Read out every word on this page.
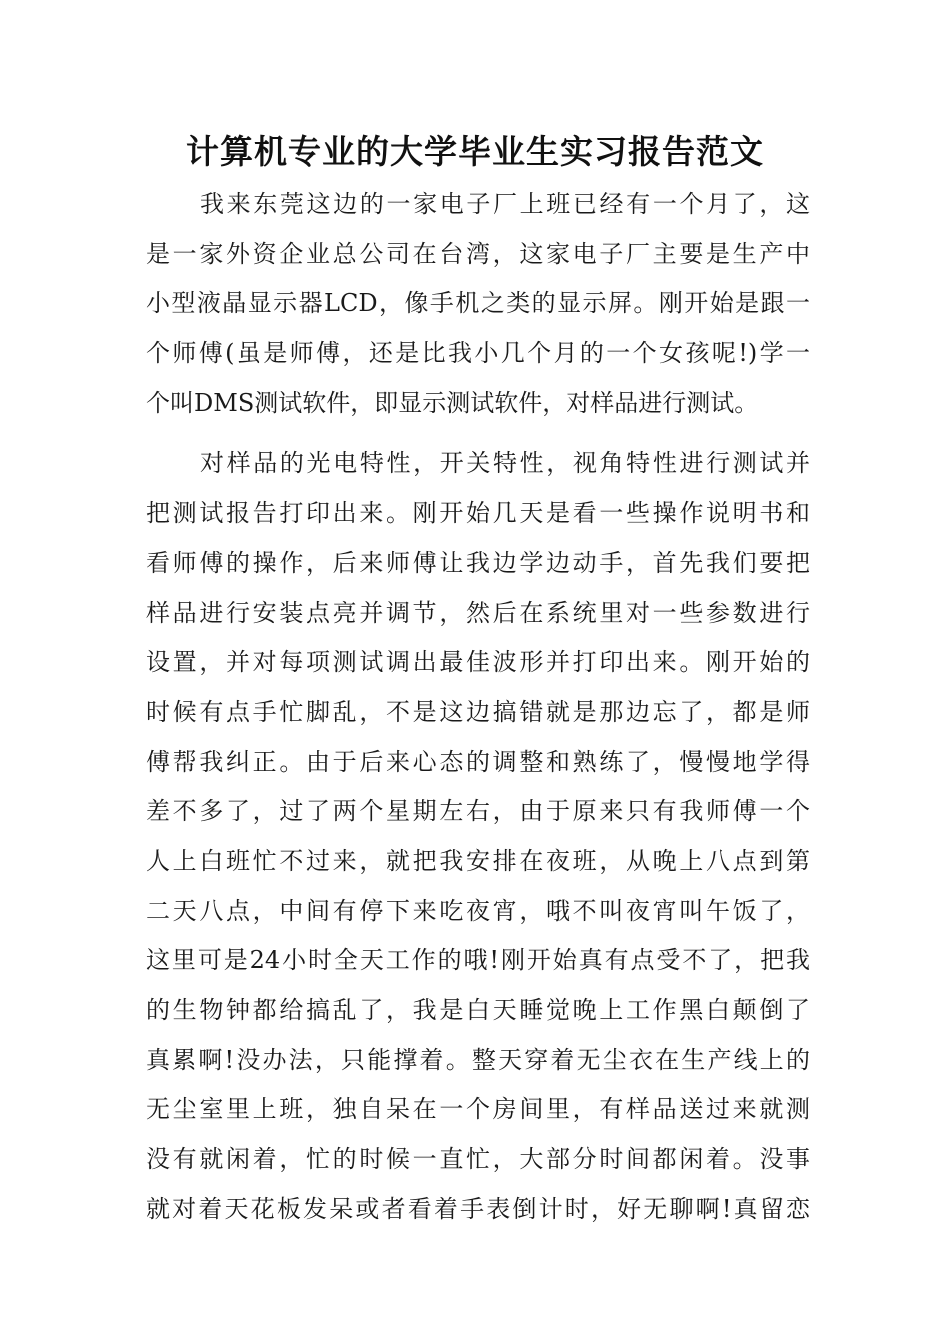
计算机专业的大学毕业生实习报告范文
我来东莞这边的一家电子厂上班已经有一个月了，这
是一家外资企业总公司在台湾，这家电子厂主要是生产中
小型液晶显示器LCD，像手机之类的显示屏。刚开始是跟一
个师傅(虽是师傅，还是比我小几个月的一个女孩呢!)学一
个叫DMS测试软件，即显示测试软件，对样品进行测试。
对样品的光电特性，开关特性，视角特性进行测试并
把测试报告打印出来。刚开始几天是看一些操作说明书和
看师傅的操作，后来师傅让我边学边动手，首先我们要把
样品进行安装点亮并调节，然后在系统里对一些参数进行
设置，并对每项测试调出最佳波形并打印出来。刚开始的
时候有点手忙脚乱，不是这边搞错就是那边忘了，都是师
傅帮我纠正。由于后来心态的调整和熟练了，慢慢地学得
差不多了，过了两个星期左右，由于原来只有我师傅一个
人上白班忙不过来，就把我安排在夜班，从晚上八点到第
二天八点，中间有停下来吃夜宵，哦不叫夜宵叫午饭了，
这里可是24小时全天工作的哦!刚开始真有点受不了，把我
的生物钟都给搞乱了，我是白天睡觉晚上工作黑白颠倒了
真累啊!没办法，只能撑着。整天穿着无尘衣在生产线上的
无尘室里上班，独自呆在一个房间里，有样品送过来就测
没有就闲着，忙的时候一直忙，大部分时间都闲着。没事
就对着天花板发呆或者看着手表倒计时，好无聊啊!真留恋
